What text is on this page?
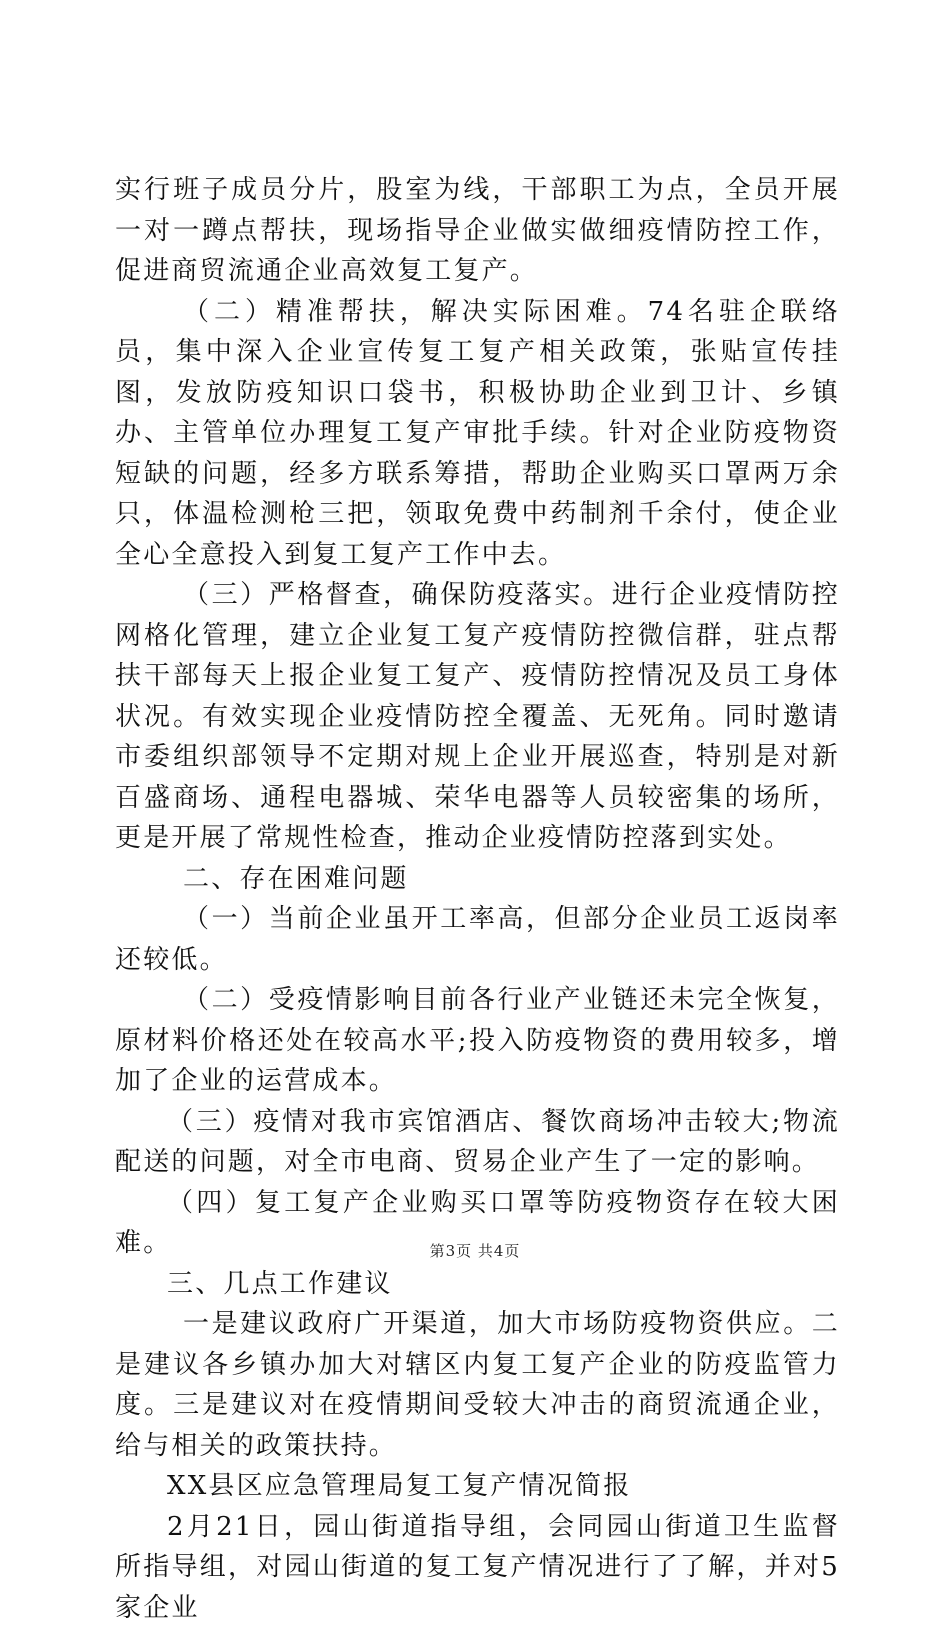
实行班子成员分片，股室为线，干部职工为点，全员开展一对一蹲点帮扶，现场指导企业做实做细疫情防控工作，促进商贸流通企业高效复工复产。

（二）精准帮扶，解决实际困难。74名驻企联络员，集中深入企业宣传复工复产相关政策，张贴宣传挂图，发放防疫知识口袋书，积极协助企业到卫计、乡镇办、主管单位办理复工复产审批手续。针对企业防疫物资短缺的问题，经多方联系筹措，帮助企业购买口罩两万余只，体温检测枪三把，领取免费中药制剂千余付，使企业全心全意投入到复工复产工作中去。

（三）严格督查，确保防疫落实。进行企业疫情防控网格化管理，建立企业复工复产疫情防控微信群，驻点帮扶干部每天上报企业复工复产、疫情防控情况及员工身体状况。有效实现企业疫情防控全覆盖、无死角。同时邀请市委组织部领导不定期对规上企业开展巡查，特别是对新百盛商场、通程电器城、荣华电器等人员较密集的场所，更是开展了常规性检查，推动企业疫情防控落到实处。

二、存在困难问题

（一）当前企业虽开工率高，但部分企业员工返岗率还较低。

（二）受疫情影响目前各行业产业链还未完全恢复，原材料价格还处在较高水平;投入防疫物资的费用较多，增加了企业的运营成本。

（三）疫情对我市宾馆酒店、餐饮商场冲击较大;物流配送的问题，对全市电商、贸易企业产生了一定的影响。

（四）复工复产企业购买口罩等防疫物资存在较大困难。

三、几点工作建议

一是建议政府广开渠道，加大市场防疫物资供应。二是建议各乡镇办加大对辖区内复工复产企业的防疫监管力度。三是建议对在疫情期间受较大冲击的商贸流通企业，给与相关的政策扶持。

XX县区应急管理局复工复产情况简报

2月21日，园山街道指导组，会同园山街道卫生监督所指导组，对园山街道的复工复产情况进行了了解，并对5家企业

第3页 共4页
